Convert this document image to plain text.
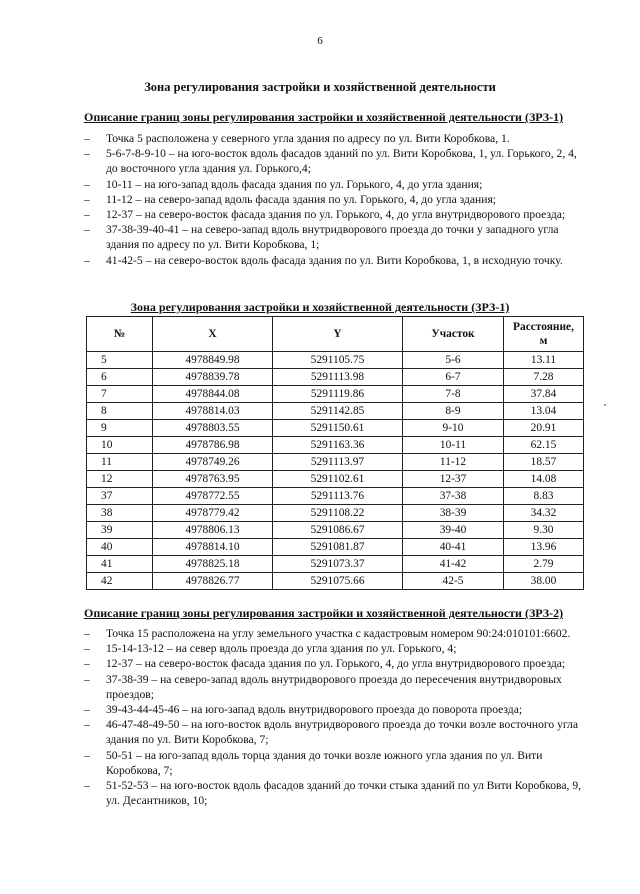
6
Зона регулирования застройки и хозяйственной деятельности
Описание границ зоны регулирования застройки и хозяйственной деятельности (ЗРЗ-1)
– Точка 5 расположена у северного угла здания по адресу по ул. Вити Коробкова, 1.
– 5-6-7-8-9-10 – на юго-восток вдоль фасадов зданий по ул. Вити Коробкова, 1, ул. Горького, 2, 4, до восточного угла здания ул. Горького,4;
– 10-11 – на юго-запад вдоль фасада здания по ул. Горького, 4, до угла здания;
– 11-12 – на северо-запад вдоль фасада здания по ул. Горького, 4, до угла здания;
– 12-37 – на северо-восток фасада здания по ул. Горького, 4, до угла внутридворового проезда;
– 37-38-39-40-41 – на северо-запад вдоль внутридворового проезда до точки у западного угла здания по адресу по ул. Вити Коробкова, 1;
– 41-42-5 – на северо-восток вдоль фасада здания по ул. Вити Коробкова, 1, в исходную точку.
Зона регулирования застройки и хозяйственной деятельности (ЗРЗ-1)
№	X	Y	Участок	Расстояние, м
5	4978849.98	5291105.75	5-6	13.11
6	4978839.78	5291113.98	6-7	7.28
7	4978844.08	5291119.86	7-8	37.84
8	4978814.03	5291142.85	8-9	13.04
9	4978803.55	5291150.61	9-10	20.91
10	4978786.98	5291163.36	10-11	62.15
11	4978749.26	5291113.97	11-12	18.57
12	4978763.95	5291102.61	12-37	14.08
37	4978772.55	5291113.76	37-38	8.83
38	4978779.42	5291108.22	38-39	34.32
39	4978806.13	5291086.67	39-40	9.30
40	4978814.10	5291081.87	40-41	13.96
41	4978825.18	5291073.37	41-42	2.79
42	4978826.77	5291075.66	42-5	38.00
Описание границ зоны регулирования застройки и хозяйственной деятельности (ЗРЗ-2)
– Точка 15 расположена на углу земельного участка с кадастровым номером 90:24:010101:6602.
– 15-14-13-12 – на север вдоль проезда до угла здания по ул. Горького, 4;
– 12-37 – на северо-восток фасада здания по ул. Горького, 4, до угла внутридворового проезда;
– 37-38-39 – на северо-запад вдоль внутридворового проезда до пересечения внутридворовых проездов;
– 39-43-44-45-46 – на юго-запад вдоль внутридворового проезда до поворота проезда;
– 46-47-48-49-50 – на юго-восток вдоль внутридворового проезда до точки возле восточного угла здания по ул. Вити Коробкова, 7;
– 50-51 – на юго-запад вдоль торца здания до точки возле южного угла здания по ул. Вити Коробкова, 7;
– 51-52-53 – на юго-восток вдоль фасадов зданий до точки стыка зданий по ул Вити Коробкова, 9, ул. Десантников, 10;
